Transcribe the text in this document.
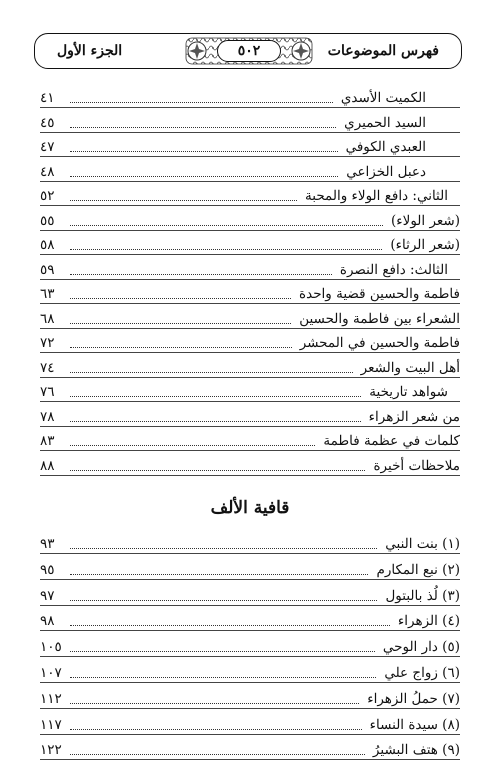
٥٠٢	فهرس الموضوعات
الجزء الأول
الكميت الأسدي
٤١
السيد الحميري
٤٥
العبدي الكوفي
٤٧
دعبل الخزاعي
٤٨
الثاني: دافع الولاء والمحبة
٥٢
(شعر الولاء)
٥٥
(شعر الرثاء)
٥٨
الثالث: دافع النصرة
٥٩
فاطمة والحسين قضية واحدة
٦٣
الشعراء بين فاطمة والحسين
٦٨
فاطمة والحسين في المحشر
٧٢
أهل البيت والشعر
٧٤
شواهد تاريخية
٧٦
من شعر الزهراء
٧٨
كلمات في عظمة فاطمة
٨٣
ملاحظات أخيرة
٨٨
قافية الألف
(١) بنت النبي
٩٣
(٢) نبع المكارم
٩٥
(٣) لُذ بالبتول
٩٧
(٤) الزهراء
٩٨
(٥) دار الوحي
١٠٥
(٦) زواج علي
١٠٧
(٧) حملُ الزهراء
١١٢
(٨) سيدة النساء
١١٧
(٩) هتف البشيرُ
١٢٢
